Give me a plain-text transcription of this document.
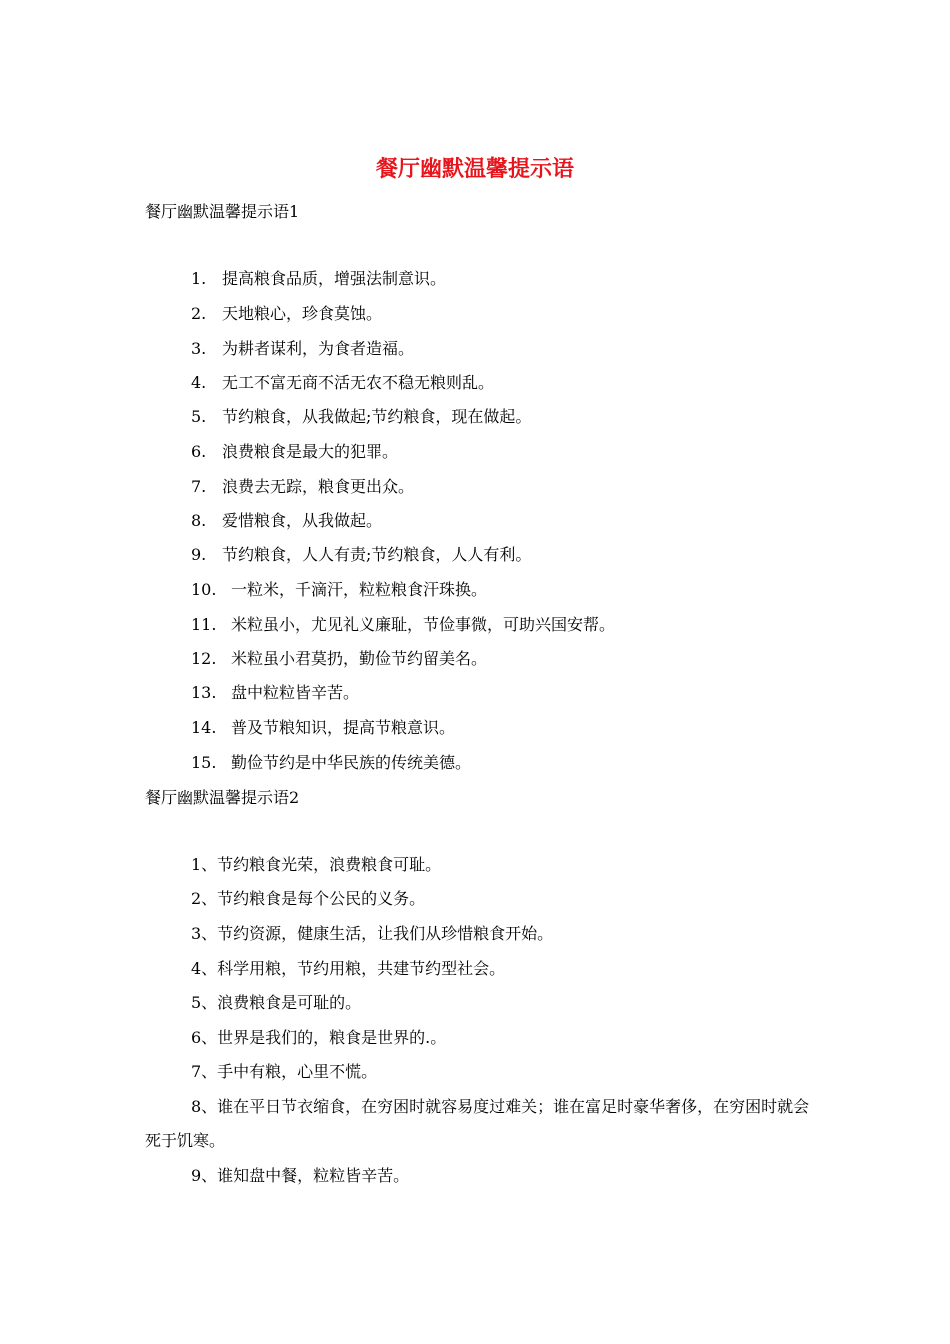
餐厅幽默温馨提示语
餐厅幽默温馨提示语1
1. 提高粮食品质，增强法制意识。
2. 天地粮心，珍食莫蚀。
3. 为耕者谋利，为食者造福。
4. 无工不富无商不活无农不稳无粮则乱。
5. 节约粮食，从我做起;节约粮食，现在做起。
6. 浪费粮食是最大的犯罪。
7. 浪费去无踪，粮食更出众。
8. 爱惜粮食，从我做起。
9. 节约粮食，人人有责;节约粮食，人人有利。
10. 一粒米，千滴汗，粒粒粮食汗珠换。
11. 米粒虽小，尤见礼义廉耻，节俭事微，可助兴国安帮。
12. 米粒虽小君莫扔，勤俭节约留美名。
13. 盘中粒粒皆辛苦。
14. 普及节粮知识，提高节粮意识。
15. 勤俭节约是中华民族的传统美德。
餐厅幽默温馨提示语2
1、节约粮食光荣，浪费粮食可耻。
2、节约粮食是每个公民的义务。
3、节约资源，健康生活，让我们从珍惜粮食开始。
4、科学用粮，节约用粮，共建节约型社会。
5、浪费粮食是可耻的。
6、世界是我们的，粮食是世界的.。
7、手中有粮，心里不慌。
8、谁在平日节衣缩食，在穷困时就容易度过难关；谁在富足时豪华奢侈，在穷困时就会死于饥寒。
9、谁知盘中餐，粒粒皆辛苦。
